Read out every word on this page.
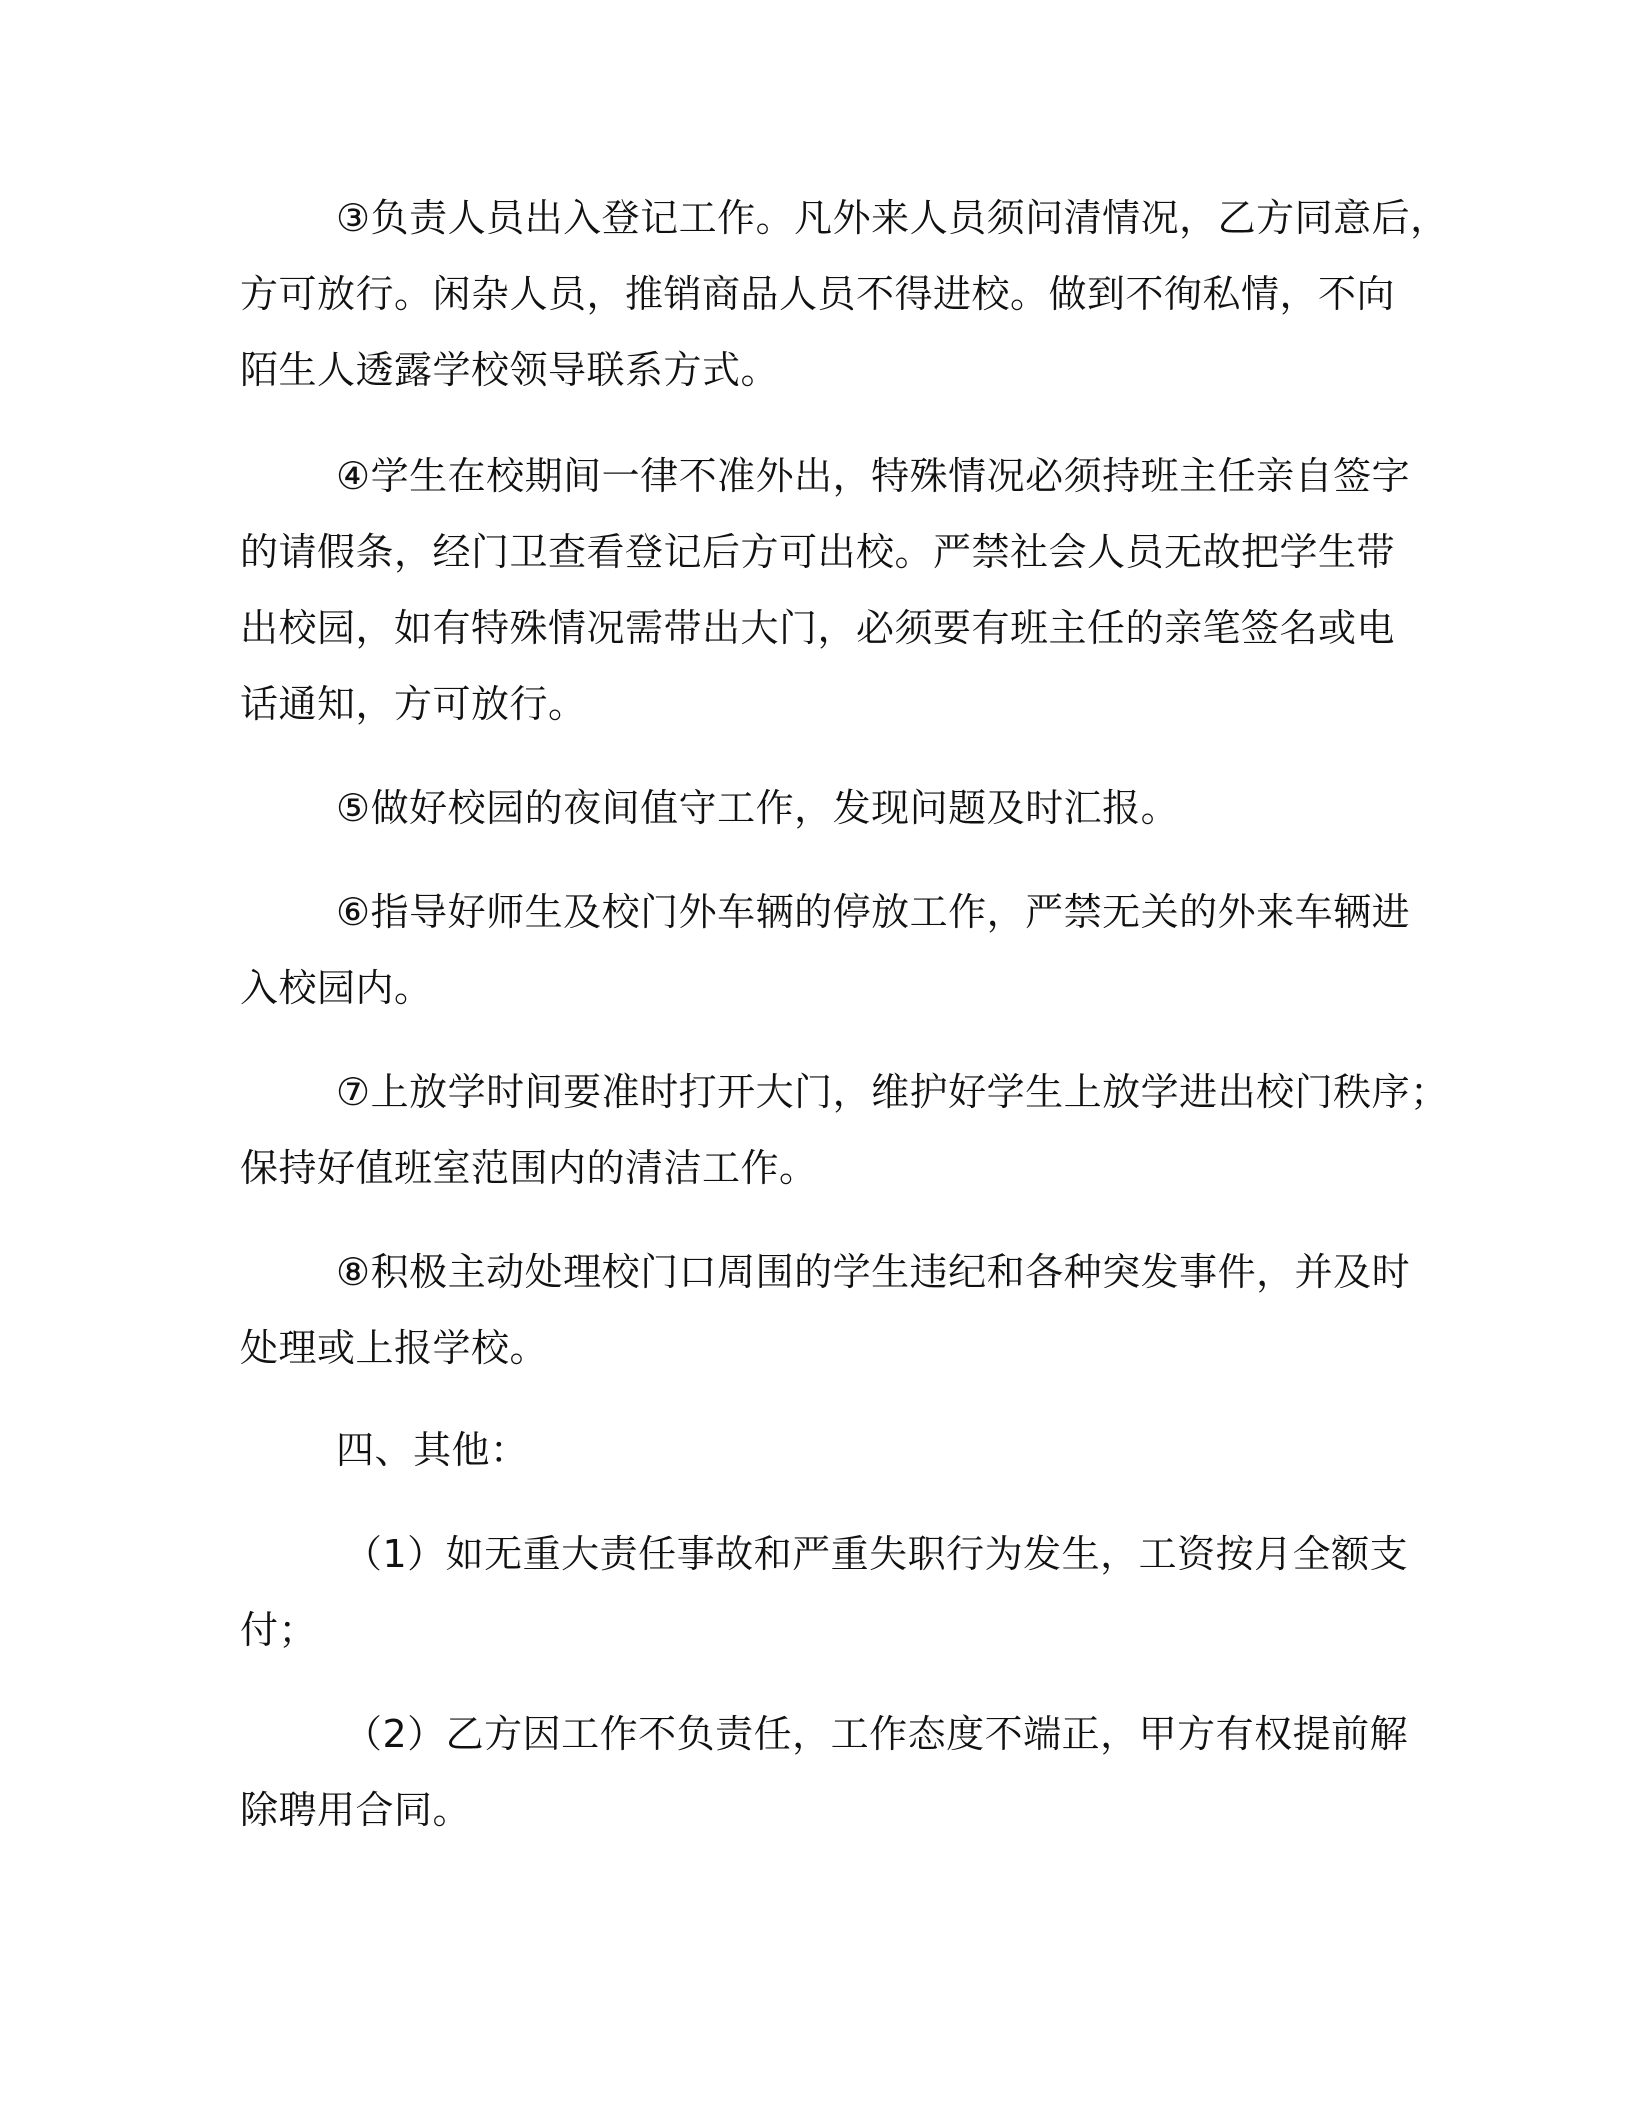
③负责人员出入登记工作。凡外来人员须问清情况，乙方同意后，
方可放行。闲杂人员，推销商品人员不得进校。做到不徇私情，不向
陌生人透露学校领导联系方式。
④学生在校期间一律不准外出，特殊情况必须持班主任亲自签字
的请假条，经门卫查看登记后方可出校。严禁社会人员无故把学生带
出校园，如有特殊情况需带出大门，必须要有班主任的亲笔签名或电
话通知，方可放行。
⑤做好校园的夜间值守工作，发现问题及时汇报。
⑥指导好师生及校门外车辆的停放工作，严禁无关的外来车辆进
入校园内。
⑦上放学时间要准时打开大门，维护好学生上放学进出校门秩序；
保持好值班室范围内的清洁工作。
⑧积极主动处理校门口周围的学生违纪和各种突发事件，并及时
处理或上报学校。
四、其他：
（1）如无重大责任事故和严重失职行为发生，工资按月全额支
付；
（2）乙方因工作不负责任，工作态度不端正，甲方有权提前解
除聘用合同。
